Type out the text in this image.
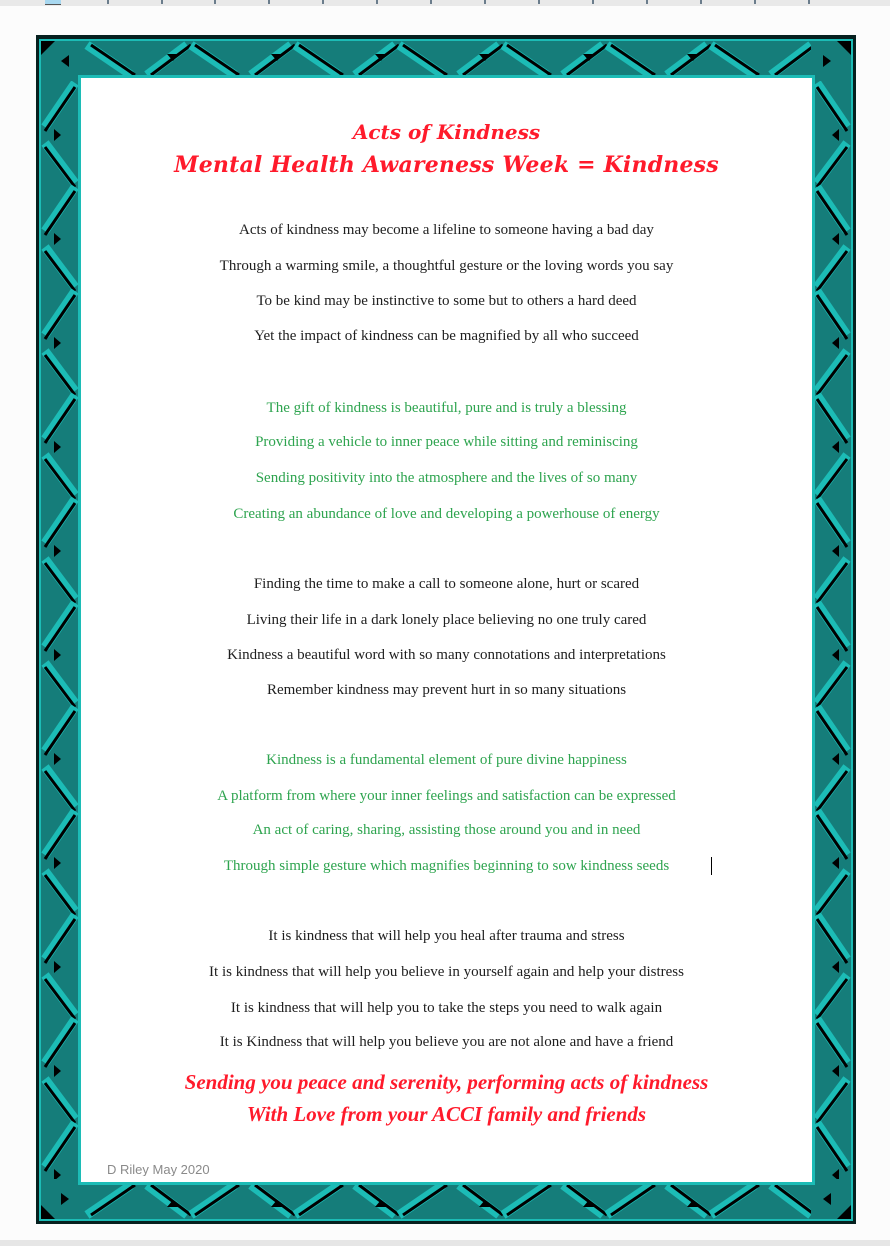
Acts of Kindness
Mental Health Awareness Week = Kindness
Acts of kindness may become a lifeline to someone having a bad day
Through a warming smile, a thoughtful gesture or the loving words you say
To be kind may be instinctive to some but to others a hard deed
Yet the impact of kindness can be magnified by all who succeed
The gift of kindness is beautiful, pure and is truly a blessing
Providing a vehicle to inner peace while sitting and reminiscing
Sending positivity into the atmosphere and the lives of so many
Creating an abundance of love and developing a powerhouse of energy
Finding the time to make a call to someone alone, hurt or scared
Living their life in a dark lonely place believing no one truly cared
Kindness a beautiful word with so many connotations and interpretations
Remember kindness may prevent hurt in so many situations
Kindness is a fundamental element of pure divine happiness
A platform from where your inner feelings and satisfaction can be expressed
An act of caring, sharing, assisting those around you and in need
Through simple gesture which magnifies beginning to sow kindness seeds
It is kindness that will help you heal after trauma and stress
It is kindness that will help you believe in yourself again and help your distress
It is kindness that will help you to take the steps you need to walk again
It is Kindness that will help you believe you are not alone and have a friend
Sending you peace and serenity, performing acts of kindness
With Love from your ACCI family and friends
D Riley May 2020
